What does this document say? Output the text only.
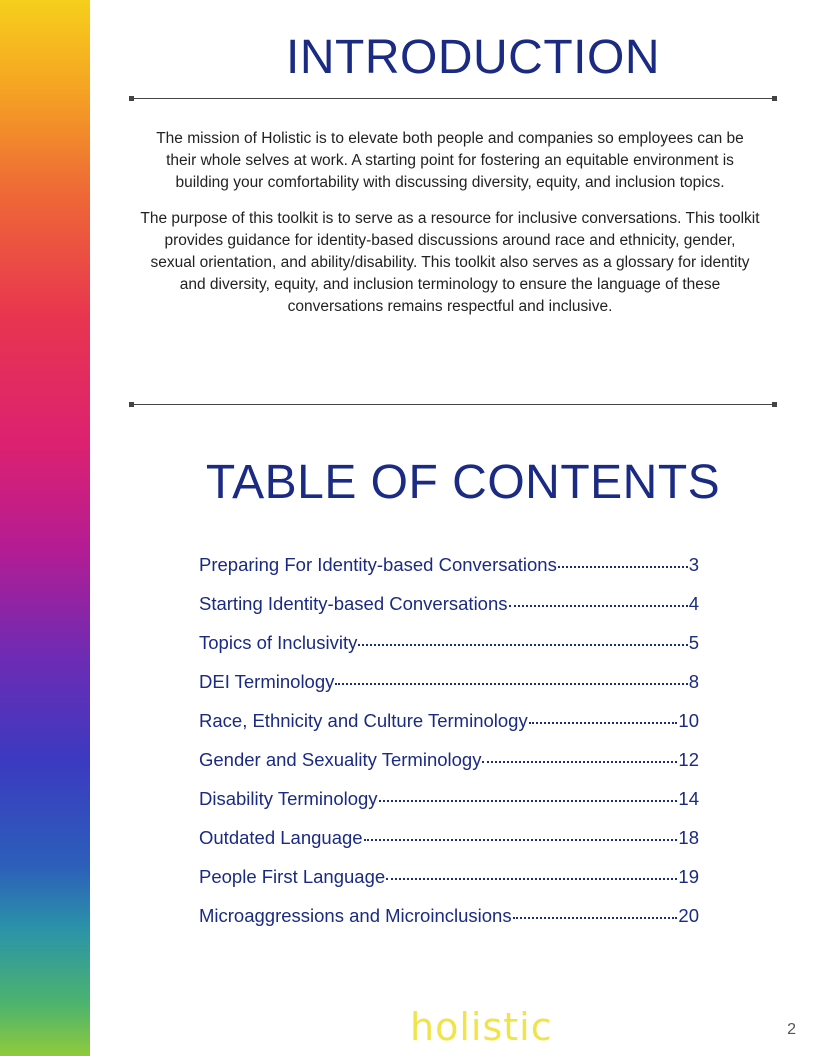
INTRODUCTION

The mission of Holistic is to elevate both people and companies so employees can be their whole selves at work. A starting point for fostering an equitable environment is building your comfortability with discussing diversity, equity, and inclusion topics.

The purpose of this toolkit is to serve as a resource for inclusive conversations. This toolkit provides guidance for identity-based discussions around race and ethnicity, gender, sexual orientation, and ability/disability. This toolkit also serves as a glossary for identity and diversity, equity, and inclusion terminology to ensure the language of these conversations remains respectful and inclusive.

TABLE OF CONTENTS
Preparing For Identity-based Conversations	3
Starting Identity-based Conversations	4
Topics of Inclusivity	5
DEI Terminology	8
Race, Ethnicity and Culture Terminology	10
Gender and Sexuality Terminology	12
Disability Terminology	14
Outdated Language	18
People First Language	19
Microaggressions and Microinclusions	20
holistic	2
